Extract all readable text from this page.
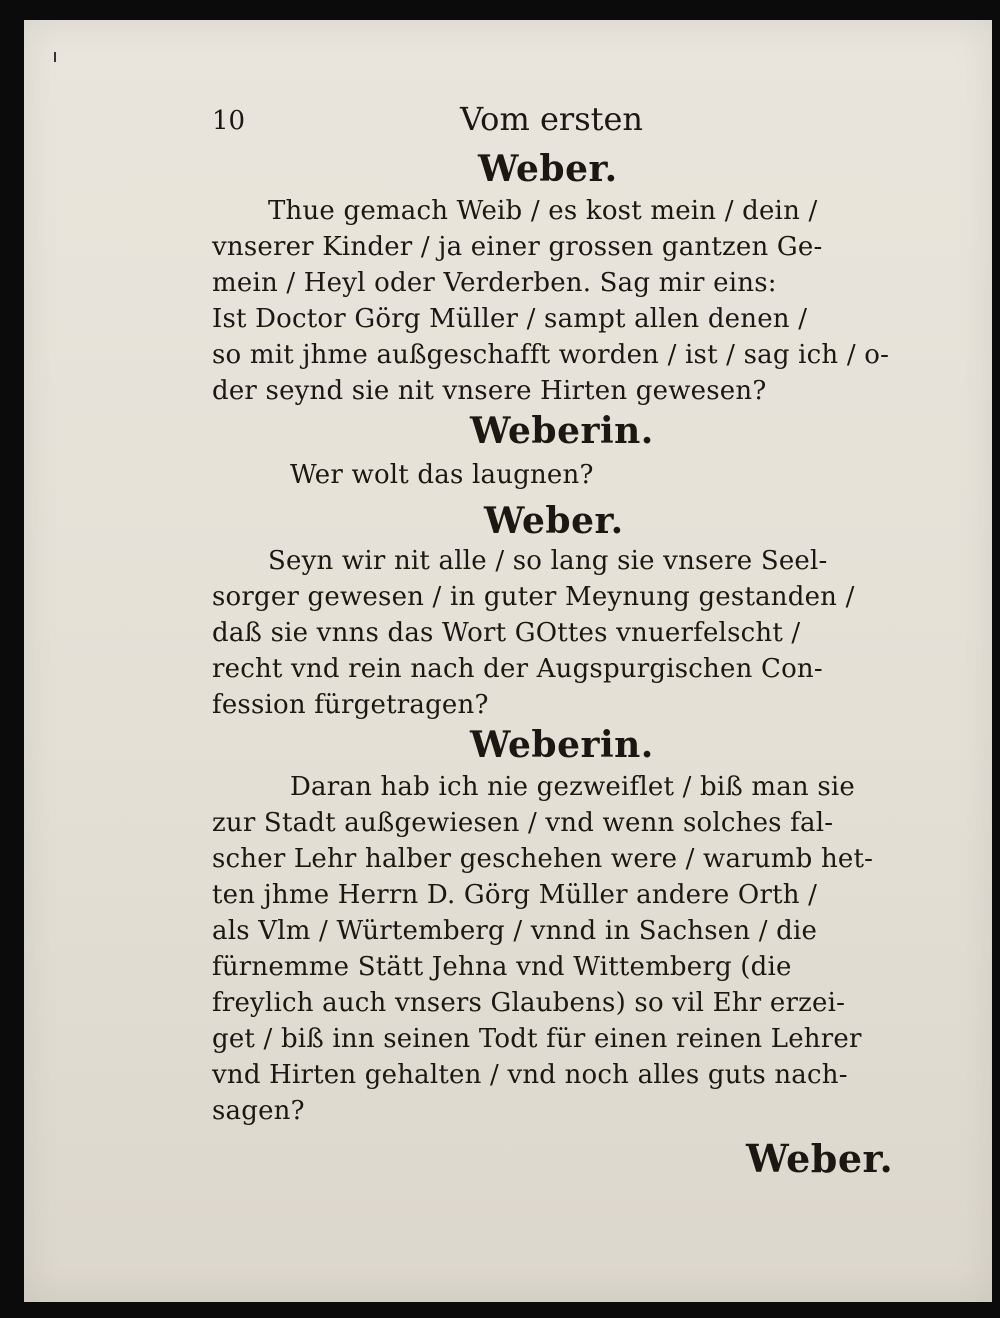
10	Vom ersten
Weber.
Thue gemach Weib / es kost mein / dein /
vnserer Kinder / ja einer grossen gantzen Ge-
mein / Heyl oder Verderben. Sag mir eins:
Ist Doctor Görg Müller / sampt allen denen /
so mit jhme außgeschafft worden / ist / sag ich / o-
der seynd sie nit vnsere Hirten gewesen?
Weberin.
Wer wolt das laugnen?
Weber.
Seyn wir nit alle / so lang sie vnsere Seel-
sorger gewesen / in guter Meynung gestanden /
daß sie vnns das Wort GOttes vnuerfelscht /
recht vnd rein nach der Augspurgischen Con-
fession fürgetragen?
Weberin.
Daran hab ich nie gezweiflet / biß man sie
zur Stadt außgewiesen / vnd wenn solches fal-
scher Lehr halber geschehen were / warumb het-
ten jhme Herrn D. Görg Müller andere Orth /
als Vlm / Würtemberg / vnnd in Sachsen / die
fürnemme Stätt Jehna vnd Wittemberg (die
freylich auch vnsers Glaubens) so vil Ehr erzei-
get / biß inn seinen Todt für einen reinen Lehrer
vnd Hirten gehalten / vnd noch alles guts nach-
sagen?
Weber.
